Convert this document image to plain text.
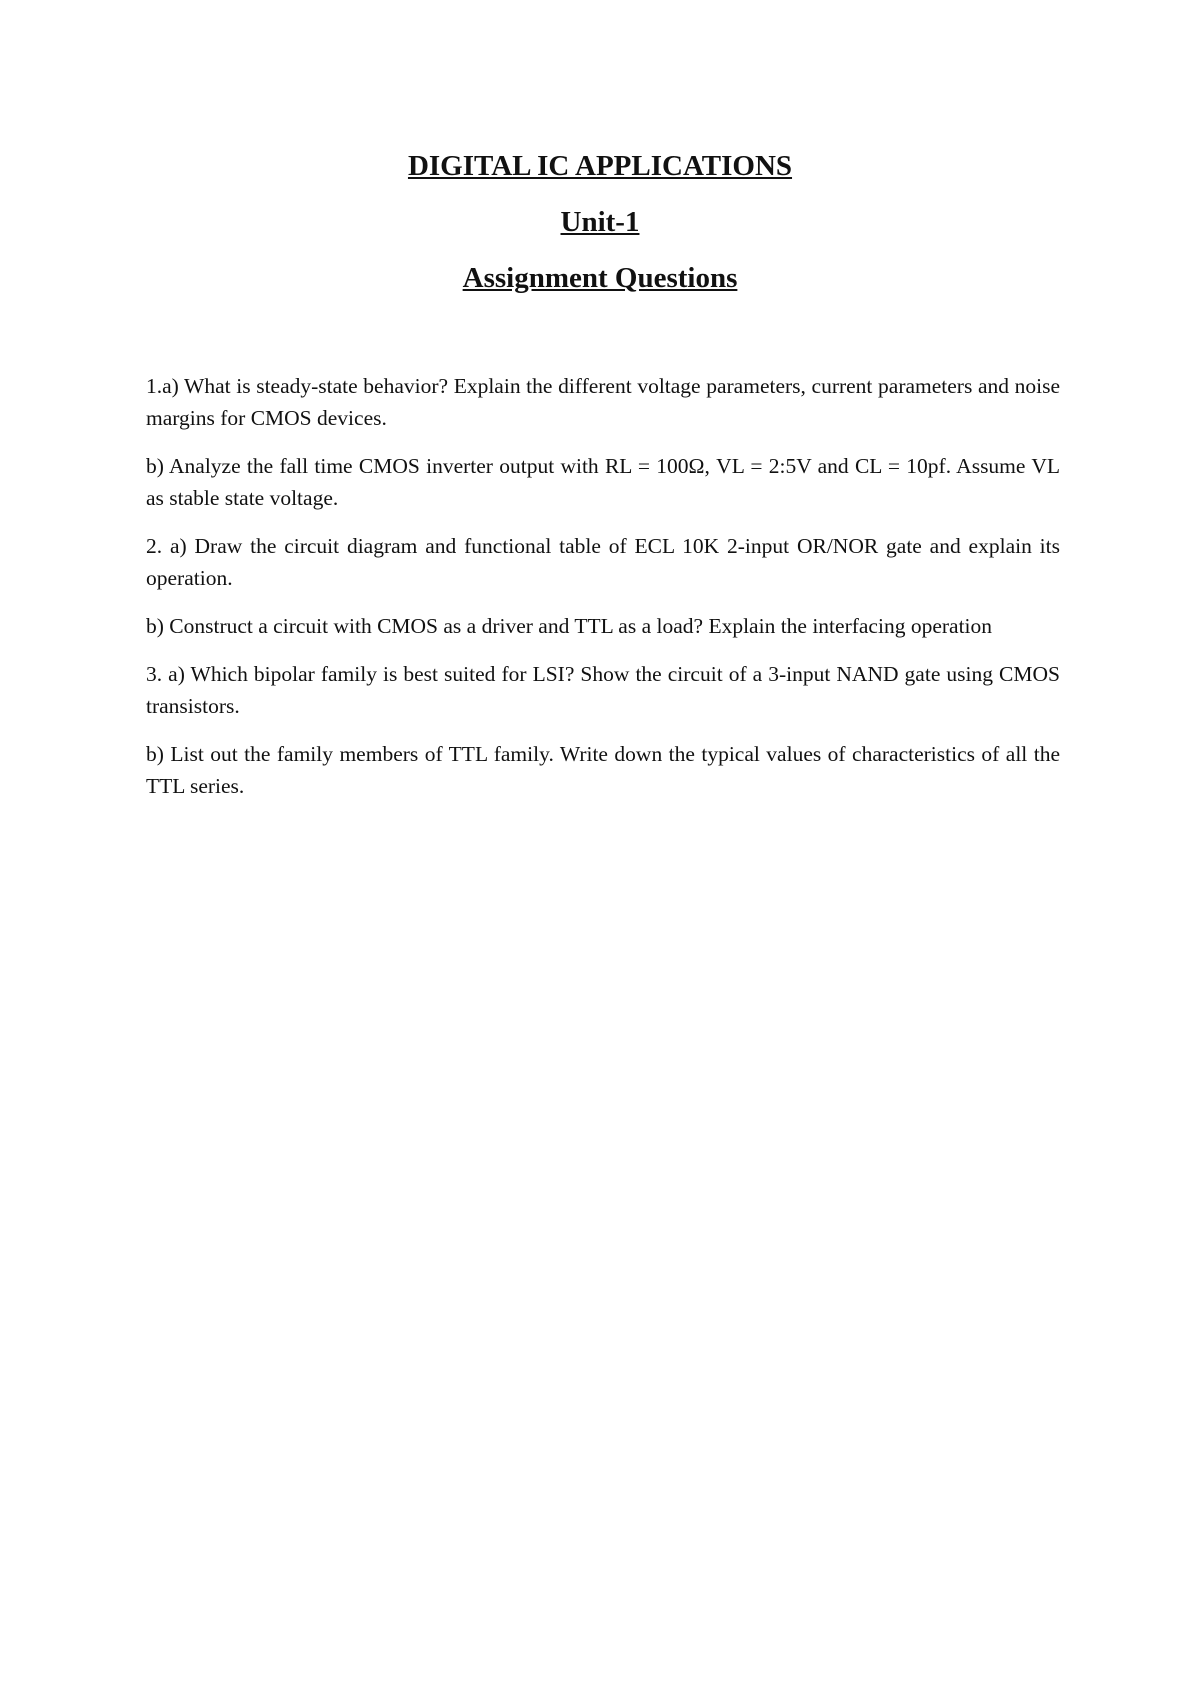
DIGITAL IC APPLICATIONS
Unit-1
Assignment Questions

1.a) What is steady-state behavior? Explain the different voltage parameters, current parameters and noise margins for CMOS devices.

b) Analyze the fall time CMOS inverter output with RL = 100Ω, VL = 2:5V and CL = 10pf. Assume VL as stable state voltage.

2. a) Draw the circuit diagram and functional table of ECL 10K 2-input OR/NOR gate and explain its operation.

b) Construct a circuit with CMOS as a driver and TTL as a load? Explain the interfacing operation

3. a) Which bipolar family is best suited for LSI? Show the circuit of a 3-input NAND gate using CMOS transistors.

b) List out the family members of TTL family. Write down the typical values of characteristics of all the TTL series.
